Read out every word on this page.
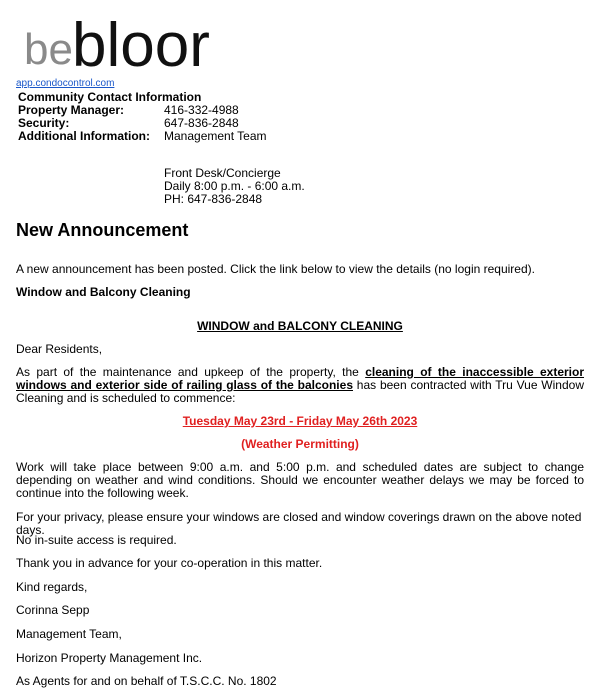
be bloor
app.condocontrol.com
Community Contact Information
Property Manager:	416-332-4988
Security:	647-836-2848
Additional Information:	Management Team
Front Desk/Concierge
Daily 8:00 p.m. - 6:00 a.m.
PH: 647-836-2848
New Announcement
A new announcement has been posted. Click the link below to view the details (no login required).
Window and Balcony Cleaning
WINDOW and BALCONY CLEANING
Dear Residents,
As part of the maintenance and upkeep of the property, the cleaning of the inaccessible exterior windows and exterior side of railing glass of the balconies has been contracted with Tru Vue Window Cleaning and is scheduled to commence:
Tuesday May 23rd - Friday May 26th 2023
(Weather Permitting)
Work will take place between 9:00 a.m. and 5:00 p.m. and scheduled dates are subject to change depending on weather and wind conditions. Should we encounter weather delays we may be forced to continue into the following week.
For your privacy, please ensure your windows are closed and window coverings drawn on the above noted days.
No in-suite access is required.
Thank you in advance for your co-operation in this matter.
Kind regards,
Corinna Sepp
Management Team,
Horizon Property Management Inc.
As Agents for and on behalf of T.S.C.C. No. 1802
